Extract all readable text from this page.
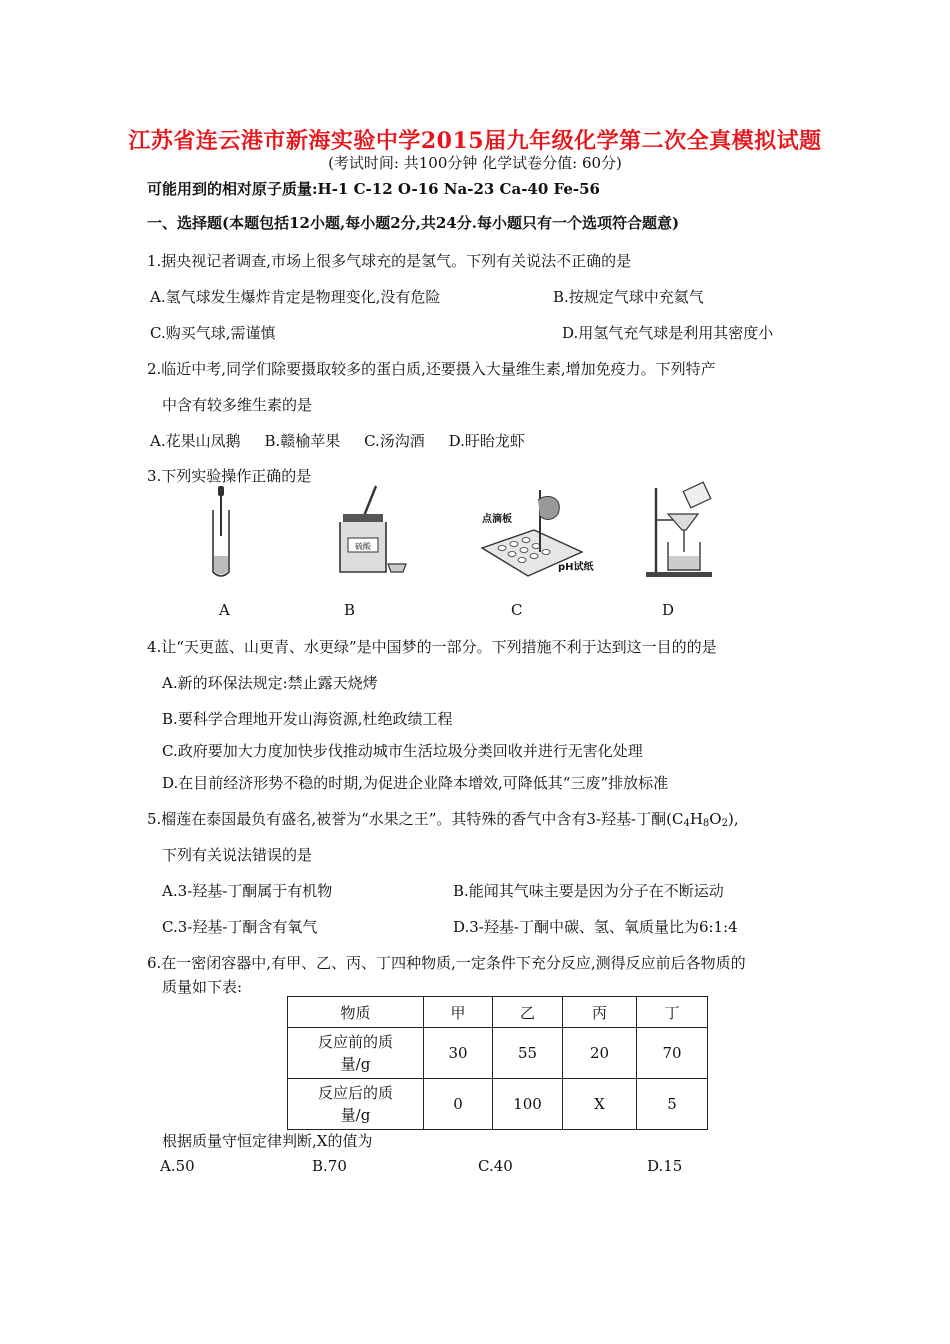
江苏省连云港市新海实验中学2015届九年级化学第二次全真模拟试题
(考试时间: 共100分钟 化学试卷分值: 60分)
可能用到的相对原子质量:H-1 C-12 O-16 Na-23 Ca-40 Fe-56
一、选择题(本题包括12小题,每小题2分,共24分.每小题只有一个选项符合题意)
1.据央视记者调查,市场上很多气球充的是氢气。下列有关说法不正确的是
A.氢气球发生爆炸肯定是物理变化,没有危险	B.按规定气球中充氦气
C.购买气球,需谨慎	D.用氢气充气球是利用其密度小
2.临近中考,同学们除要摄取较多的蛋白质,还要摄入大量维生素,增加免疫力。下列特产
中含有较多维生素的是
A.花果山凤鹅     B.赣榆苹果     C.汤沟酒     D.盱眙龙虾
3.下列实验操作正确的是
硫酸
点滴板
pH试纸
A	B	C	D
4.让“天更蓝、山更青、水更绿”是中国梦的一部分。下列措施不利于达到这一目的的是
A.新的环保法规定:禁止露天烧烤
B.要科学合理地开发山海资源,杜绝政绩工程
C.政府要加大力度加快步伐推动城市生活垃圾分类回收并进行无害化处理
D.在目前经济形势不稳的时期,为促进企业降本增效,可降低其“三废”排放标准
5.榴莲在泰国最负有盛名,被誉为“水果之王”。其特殊的香气中含有3-羟基-丁酮$(C_4H_8O_2)$,
下列有关说法错误的是
A.3-羟基-丁酮属于有机物	B.能闻其气味主要是因为分子在不断运动
C.3-羟基-丁酮含有氧气	D.3-羟基-丁酮中碳、氢、氧质量比为6:1:4
6.在一密闭容器中,有甲、乙、丙、丁四种物质,一定条件下充分反应,测得反应前后各物质的
质量如下表:
物质	甲	乙	丙	丁
反应前的质量/g	30	55	20	70
反应后的质量/g	0	100	X	5
根据质量守恒定律判断,X的值为
A.50	B.70	C.40	D.15
